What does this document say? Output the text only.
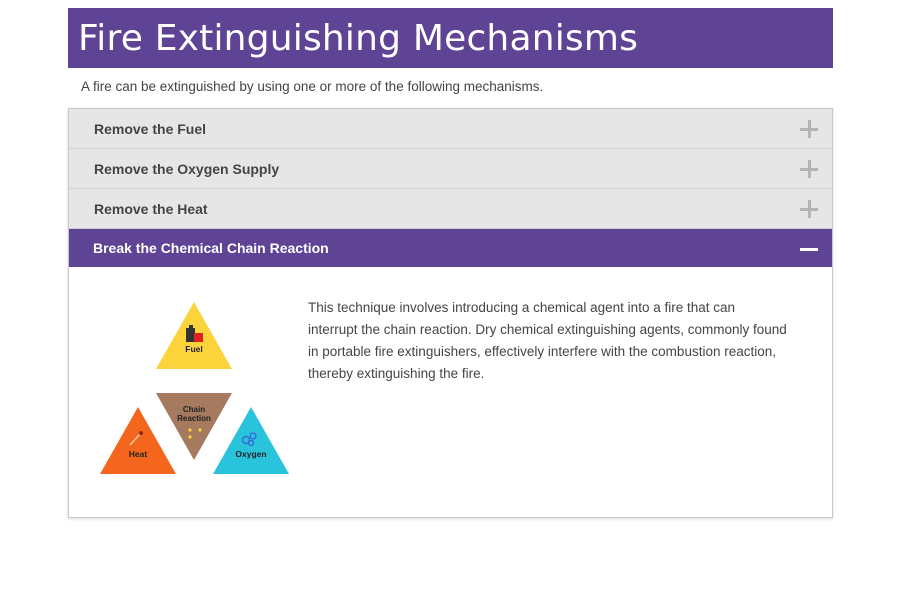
Fire Extinguishing Mechanisms

A fire can be extinguished by using one or more of the following mechanisms.

Remove the Fuel
Remove the Oxygen Supply
Remove the Heat
Break the Chemical Chain Reaction
Fuel
Chain
Reaction
Heat	Oxygen

This technique involves introducing a chemical agent into a fire that can interrupt the chain reaction. Dry chemical extinguishing agents, commonly found in portable fire extinguishers, effectively interfere with the combustion reaction, thereby extinguishing the fire.
